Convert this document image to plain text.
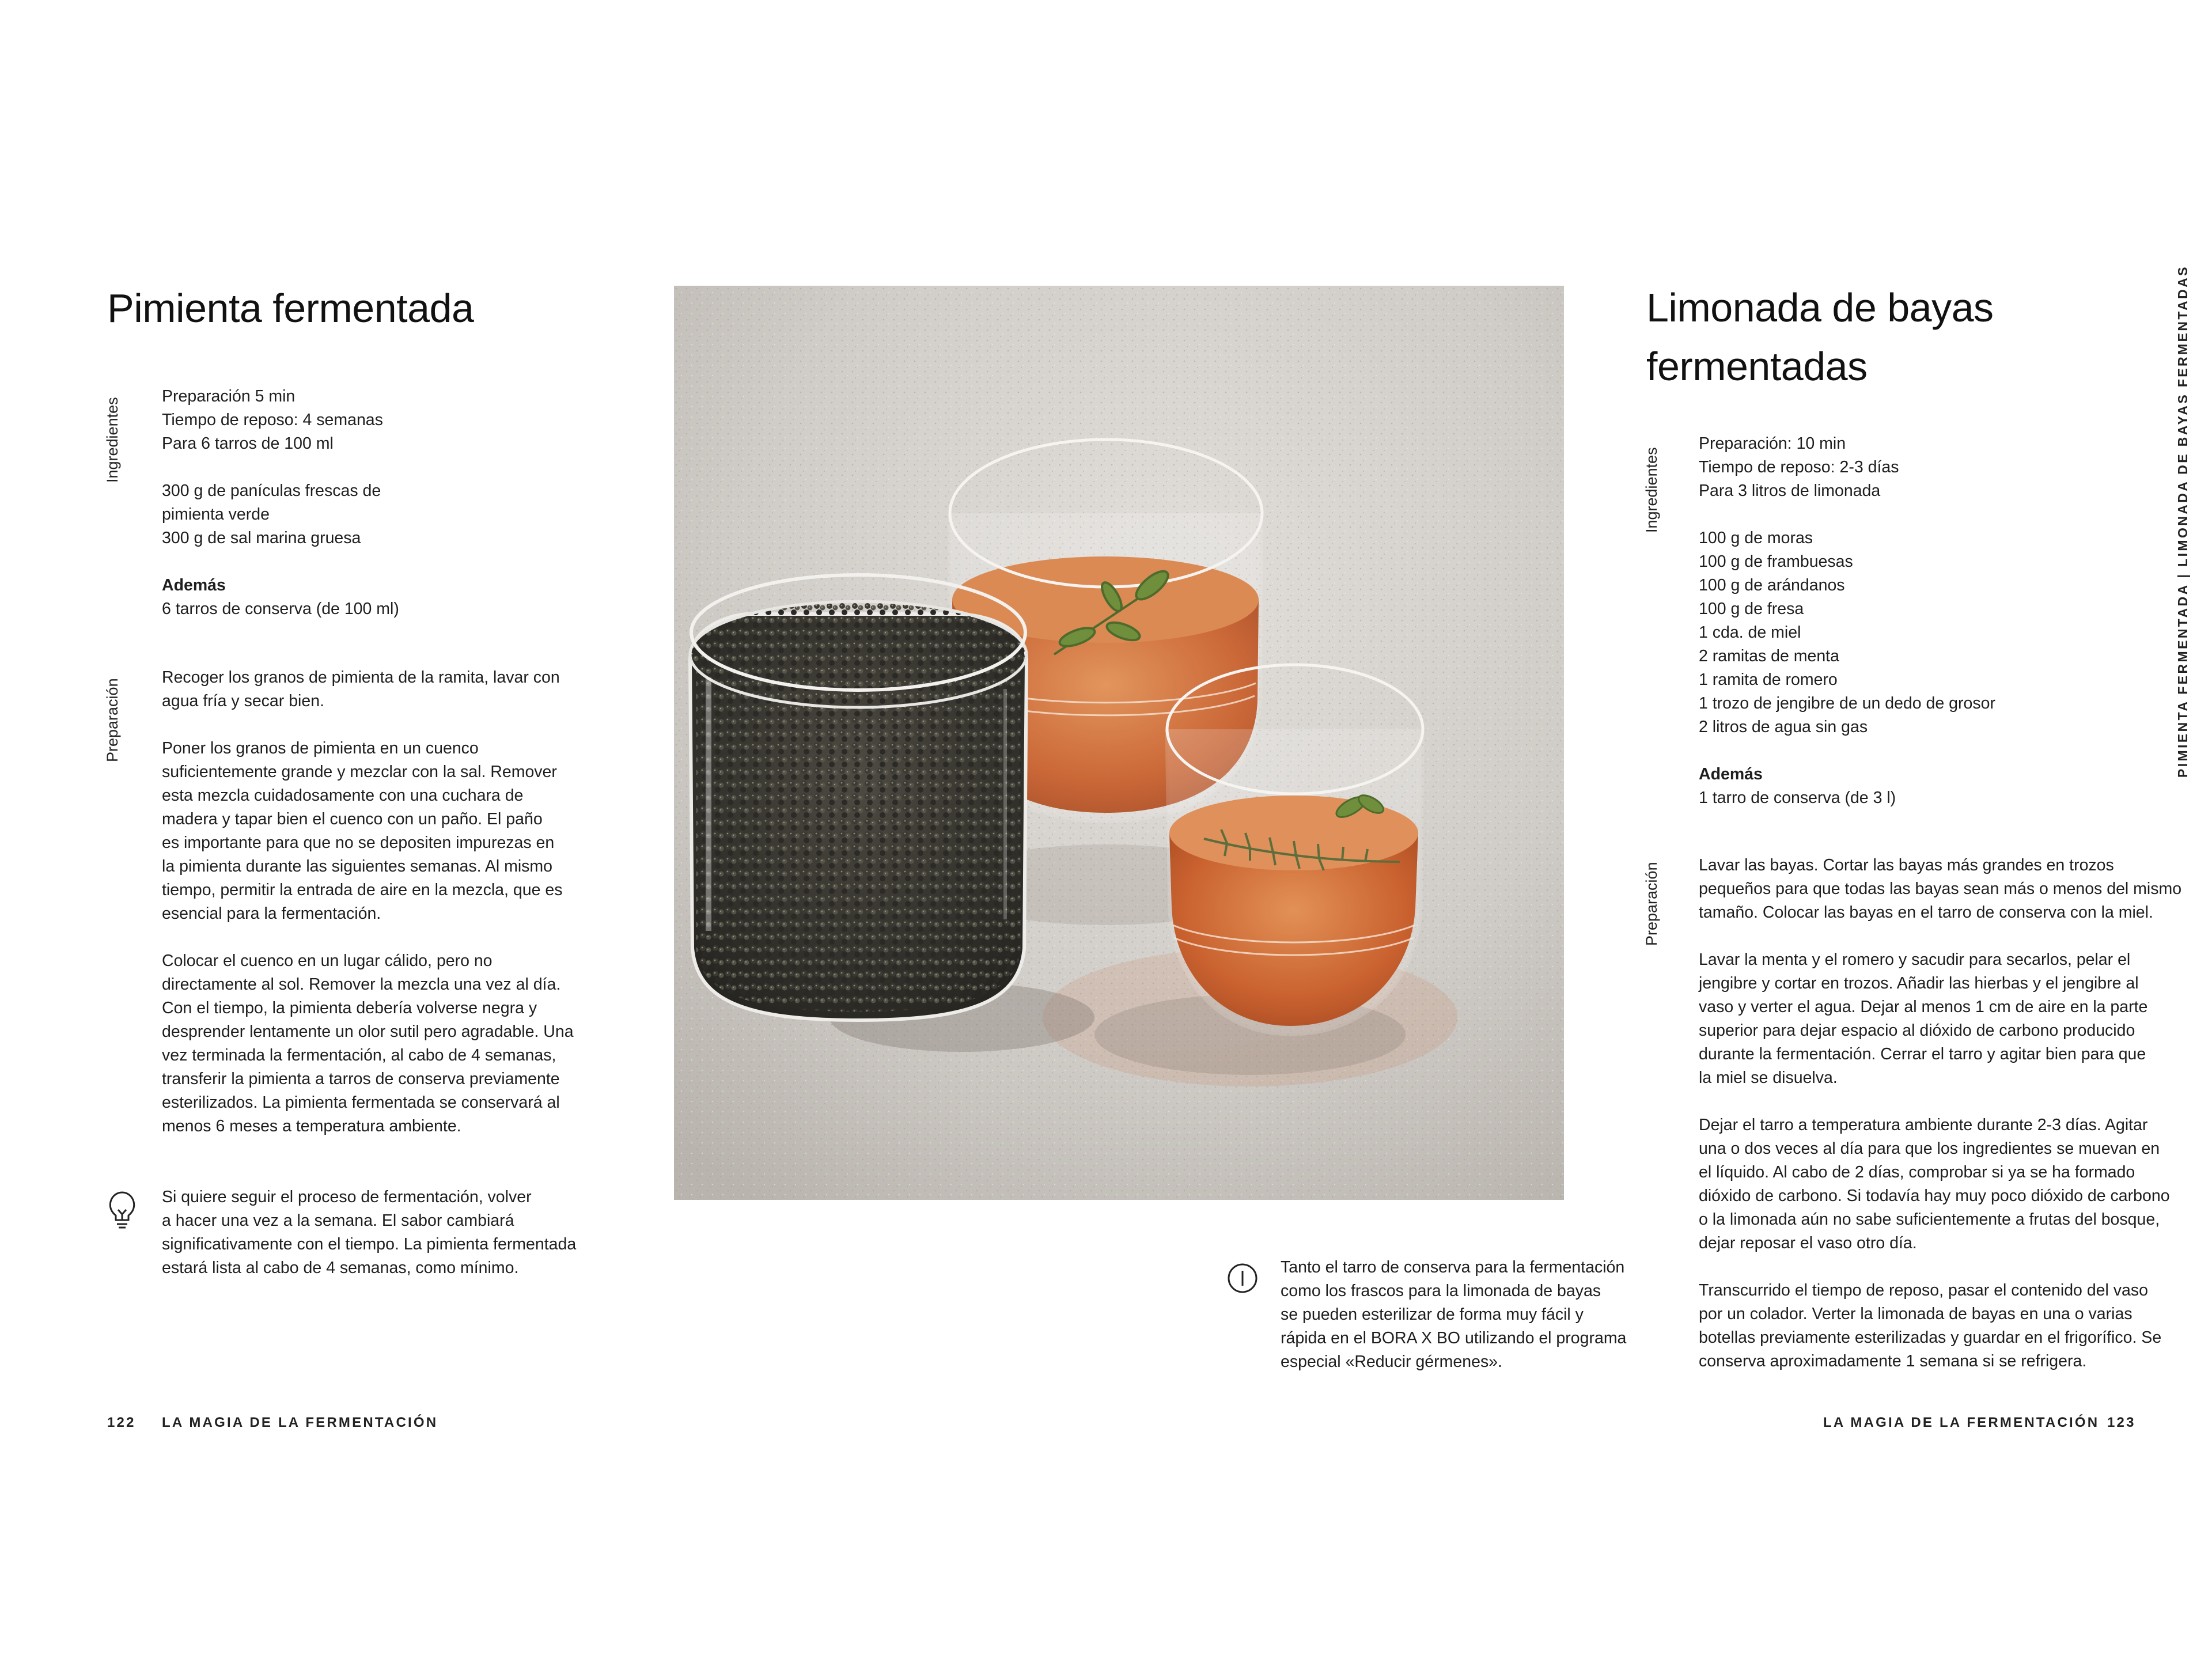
Pimienta fermentada
Ingredientes
Preparación 5 min
Tiempo de reposo: 4 semanas
Para 6 tarros de 100 ml

300 g de panículas frescas de
pimienta verde
300 g de sal marina gruesa

Además
6 tarros de conserva (de 100 ml)
Preparación

Recoger los granos de pimienta de la ramita, lavar con
agua fría y secar bien.

Poner los granos de pimienta en un cuenco
suficientemente grande y mezclar con la sal. Remover
esta mezcla cuidadosamente con una cuchara de
madera y tapar bien el cuenco con un paño. El paño
es importante para que no se depositen impurezas en
la pimienta durante las siguientes semanas. Al mismo
tiempo, permitir la entrada de aire en la mezcla, que es
esencial para la fermentación.

Colocar el cuenco en un lugar cálido, pero no
directamente al sol. Remover la mezcla una vez al día.
Con el tiempo, la pimienta debería volverse negra y
desprender lentamente un olor sutil pero agradable. Una
vez terminada la fermentación, al cabo de 4 semanas,
transferir la pimienta a tarros de conserva previamente
esterilizados. La pimienta fermentada se conservará al
menos 6 meses a temperatura ambiente.

Si quiere seguir el proceso de fermentación, volver
a hacer una vez a la semana. El sabor cambiará
significativamente con el tiempo. La pimienta fermentada
estará lista al cabo de 4 semanas, como mínimo.
122 LA MAGIA DE LA FERMENTACIÓN
Tanto el tarro de conserva para la fermentación
como los frascos para la limonada de bayas
se pueden esterilizar de forma muy fácil y
rápida en el BORA X BO utilizando el programa
especial «Reducir gérmenes».
Limonada de bayas
fermentadas
Ingredientes
Preparación: 10 min
Tiempo de reposo: 2-3 días
Para 3 litros de limonada

100 g de moras
100 g de frambuesas
100 g de arándanos
100 g de fresa
1 cda. de miel
2 ramitas de menta
1 ramita de romero
1 trozo de jengibre de un dedo de grosor
2 litros de agua sin gas

Además
1 tarro de conserva (de 3 l)
Preparación Lavar las bayas. Cortar las bayas más grandes en trozos
pequeños para que todas las bayas sean más o menos del mismo
tamaño. Colocar las bayas en el tarro de conserva con la miel.

Lavar la menta y el romero y sacudir para secarlos, pelar el
jengibre y cortar en trozos. Añadir las hierbas y el jengibre al
vaso y verter el agua. Dejar al menos 1 cm de aire en la parte
superior para dejar espacio al dióxido de carbono producido
durante la fermentación. Cerrar el tarro y agitar bien para que
la miel se disuelva.

Dejar el tarro a temperatura ambiente durante 2-3 días. Agitar
una o dos veces al día para que los ingredientes se muevan en
el líquido. Al cabo de 2 días, comprobar si ya se ha formado
dióxido de carbono. Si todavía hay muy poco dióxido de carbono
o la limonada aún no sabe suficientemente a frutas del bosque,
dejar reposar el vaso otro día.

Transcurrido el tiempo de reposo, pasar el contenido del vaso
por un colador. Verter la limonada de bayas en una o varias
botellas previamente esterilizadas y guardar en el frigorífico. Se
conserva aproximadamente 1 semana si se refrigera.

LA MAGIA DE LA FERMENTACIÓN 123
PIMIENTA FERMENTADA | LIMONADA DE BAYAS FERMENTADAS
